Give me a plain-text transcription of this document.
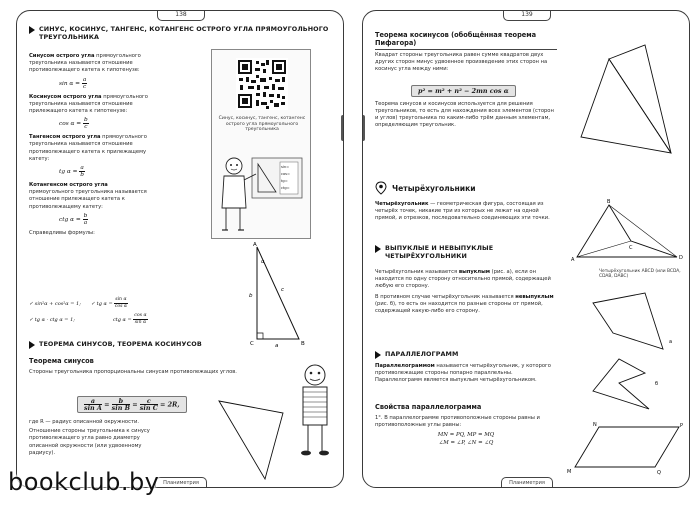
138
СИНУС, КОСИНУС, ТАНГЕНС, КОТАНГЕНС ОСТРОГО УГЛА ПРЯМОУГОЛЬНОГО ТРЕУГОЛЬНИКА
Синусом острого угла прямоугольного треугольника называется отношение противолежащего катета к гипотенузе:
$\sin \alpha = \frac{a}{c}$
Косинусом острого угла прямоугольного треугольника называется отношение прилежащего катета к гипотенузе:
$\cos \alpha = \frac{b}{c}$
Тангенсом острого угла прямоугольного треугольника называется отношение противолежащего катета к прилежащему катету:
tg $\alpha = \frac{a}{b}$
Котангенсом острого угла прямоугольного треугольника называется отношение прилежащего катета к противолежащему катету:
ctg $\alpha = \frac{b}{a}$
Справедливы формулы:
✓ sin²α + cos²α = 1; ✓ tg $\alpha = \frac{\text{sin α}}{\text{cos α}}$
✓ tg α · ctg α = 1;	ctg $\alpha = \frac{\text{cos α}}{\text{sin α}}$
Синус, косинус, тангенс, котангенс острого угла прямоугольного треугольника
sin=
cos=
tg=
ctg=
A
C	B
b
a
c
α
ТЕОРЕМА СИНУСОВ, ТЕОРЕМА КОСИНУСОВ
Теорема синусов
Стороны треугольника пропорциональны синусам противолежащих углов.
$\frac{a}{\text{sin A}} = \frac{b}{\text{sin B}} = \frac{c}{\text{sin C}} = 2R$,
где R — радиус описанной окружности.
Отношение стороны треугольника к синусу противолежащего угла равно диаметру описанной окружности (или удвоенному радиусу).
Планиметрия
139
Теорема косинусов (обобщённая теорема Пифагора)
Квадрат стороны треугольника равен сумме квадратов двух других сторон минус удвоенное произведение этих сторон на косинус угла между ними:
p² = m² + n² − 2mn cos α
Теорема синусов и косинусов используется для решения треугольников, то есть для нахождения всех элементов (сторон и углов) треугольника по каким-либо трём данным элементам, определяющим треугольник.
Четырёхугольники
Четырёхугольник — геометрическая фигура, состоящая из четырёх точек, никакие три из которых не лежат на одной прямой, и отрезков, последовательно соединяющих эти точки.
A
B
C
D
Четырёхугольник ABCD (или BCDA, CDAB, DABC)
ВЫПУКЛЫЕ И НЕВЫПУКЛЫЕ ЧЕТЫРЁХУГОЛЬНИКИ
Четырёхугольник называется выпуклым (рис. а), если он находится по одну сторону относительно прямой, содержащей любую его сторону.
В противном случае четырёхугольник называется невыпуклым (рис. б), то есть он находится по разные стороны от прямой, содержащей какую-либо его сторону.
а
б
ПАРАЛЛЕЛОГРАММ
Параллелограммом называется четырёхугольник, у которого противолежащие стороны попарно параллельны. Параллелограмм является выпуклым четырёхугольником.
Свойства параллелограмма
1°. В параллелограмме противоположные стороны равны и противоположные углы равны:
MN = PQ, MP = MQ
∠M = ∠P, ∠N = ∠Q
M
N	P
Q
Планиметрия
bookclub.by
